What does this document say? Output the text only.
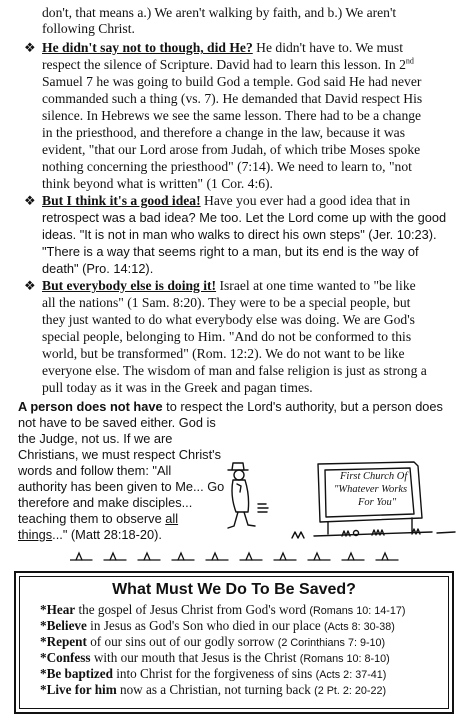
don't, that means a.) We aren't walking by faith, and b.) We aren't
following Christ.
❖ He didn't say not to though, did He? He didn't have to. We must
respect the silence of Scripture. David had to learn this lesson. In 2nd
Samuel 7 he was going to build God a temple. God said He had never
commanded such a thing (vs. 7). He demanded that David respect His
silence. In Hebrews we see the same lesson. There had to be a change
in the priesthood, and therefore a change in the law, because it was
evident, "that our Lord arose from Judah, of which tribe Moses spoke
nothing concerning the priesthood" (7:14). We need to learn to, "not
think beyond what is written" (1 Cor. 4:6).
❖ But I think it's a good idea! Have you ever had a good idea that in
retrospect was a bad idea? Me too. Let the Lord come up with the good
ideas. "It is not in man who walks to direct his own steps" (Jer. 10:23).
"There is a way that seems right to a man, but its end is the way of
death" (Pro. 14:12).
❖ But everybody else is doing it! Israel at one time wanted to "be like
all the nations" (1 Sam. 8:20). They were to be a special people, but
they just wanted to do what everybody else was doing. We are God's
special people, belonging to Him. "And do not be conformed to this
world, but be transformed" (Rom. 12:2). We do not want to be like
everyone else. The wisdom of man and false religion is just as strong a
pull today as it was in the Greek and pagan times.
A person does not have to respect the Lord's authority, but a person does
not have to be saved either. God is
the Judge, not us. If we are
Christians, we must respect Christ's
words and follow them: "All
authority has been given to Me... Go
therefore and make disciples...
teaching them to observe all
things..." (Matt 28:18-20).
First Church Of
"Whatever Works
For You"
What Must We Do To Be Saved?
*Hear the gospel of Jesus Christ from God's word (Romans 10: 14-17)
*Believe in Jesus as God's Son who died in our place (Acts 8: 30-38)
*Repent of our sins out of our godly sorrow (2 Corinthians 7: 9-10)
*Confess with our mouth that Jesus is the Christ (Romans 10: 8-10)
*Be baptized into Christ for the forgiveness of sins (Acts 2: 37-41)
*Live for him now as a Christian, not turning back (2 Pt. 2: 20-22)
